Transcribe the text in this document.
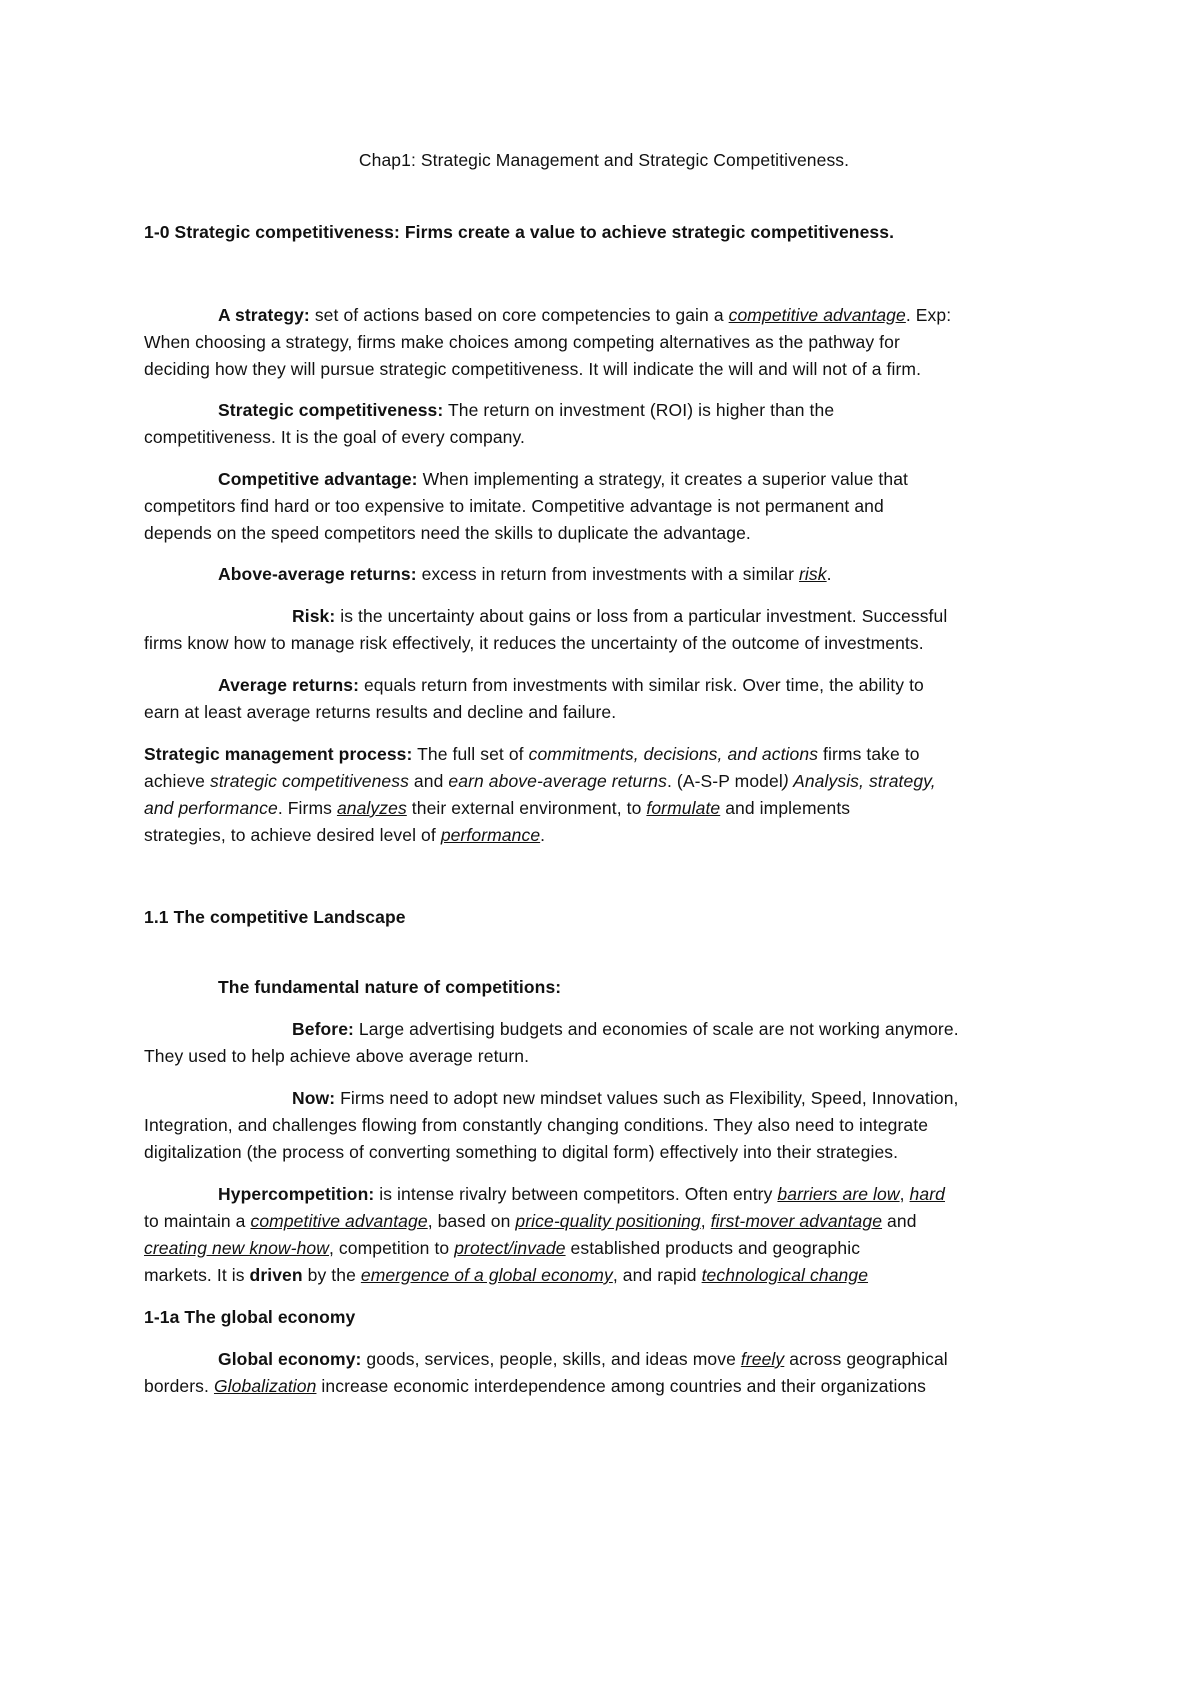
Chap1: Strategic Management and Strategic Competitiveness.
1-0 Strategic competitiveness: Firms create a value to achieve strategic competitiveness.
A strategy: set of actions based on core competencies to gain a competitive advantage. Exp:
When choosing a strategy, firms make choices among competing alternatives as the pathway for
deciding how they will pursue strategic competitiveness. It will indicate the will and will not of a firm.
Strategic competitiveness: The return on investment (ROI) is higher than the
competitiveness. It is the goal of every company.
Competitive advantage: When implementing a strategy, it creates a superior value that
competitors find hard or too expensive to imitate. Competitive advantage is not permanent and
depends on the speed competitors need the skills to duplicate the advantage.
Above-average returns: excess in return from investments with a similar risk.
Risk: is the uncertainty about gains or loss from a particular investment. Successful
firms know how to manage risk effectively, it reduces the uncertainty of the outcome of investments.
Average returns: equals return from investments with similar risk. Over time, the ability to
earn at least average returns results and decline and failure.
Strategic management process: The full set of commitments, decisions, and actions firms take to
achieve strategic competitiveness and earn above-average returns. (A-S-P model) Analysis, strategy,
and performance. Firms analyzes their external environment, to formulate and implements
strategies, to achieve desired level of performance.
1.1 The competitive Landscape
The fundamental nature of competitions:
Before: Large advertising budgets and economies of scale are not working anymore.
They used to help achieve above average return.
Now: Firms need to adopt new mindset values such as Flexibility, Speed, Innovation,
Integration, and challenges flowing from constantly changing conditions. They also need to integrate
digitalization (the process of converting something to digital form) effectively into their strategies.
Hypercompetition: is intense rivalry between competitors. Often entry barriers are low, hard
to maintain a competitive advantage, based on price-quality positioning, first-mover advantage and
creating new know-how, competition to protect/invade established products and geographic
markets. It is driven by the emergence of a global economy, and rapid technological change
1-1a The global economy
Global economy: goods, services, people, skills, and ideas move freely across geographical
borders. Globalization increase economic interdependence among countries and their organizations
